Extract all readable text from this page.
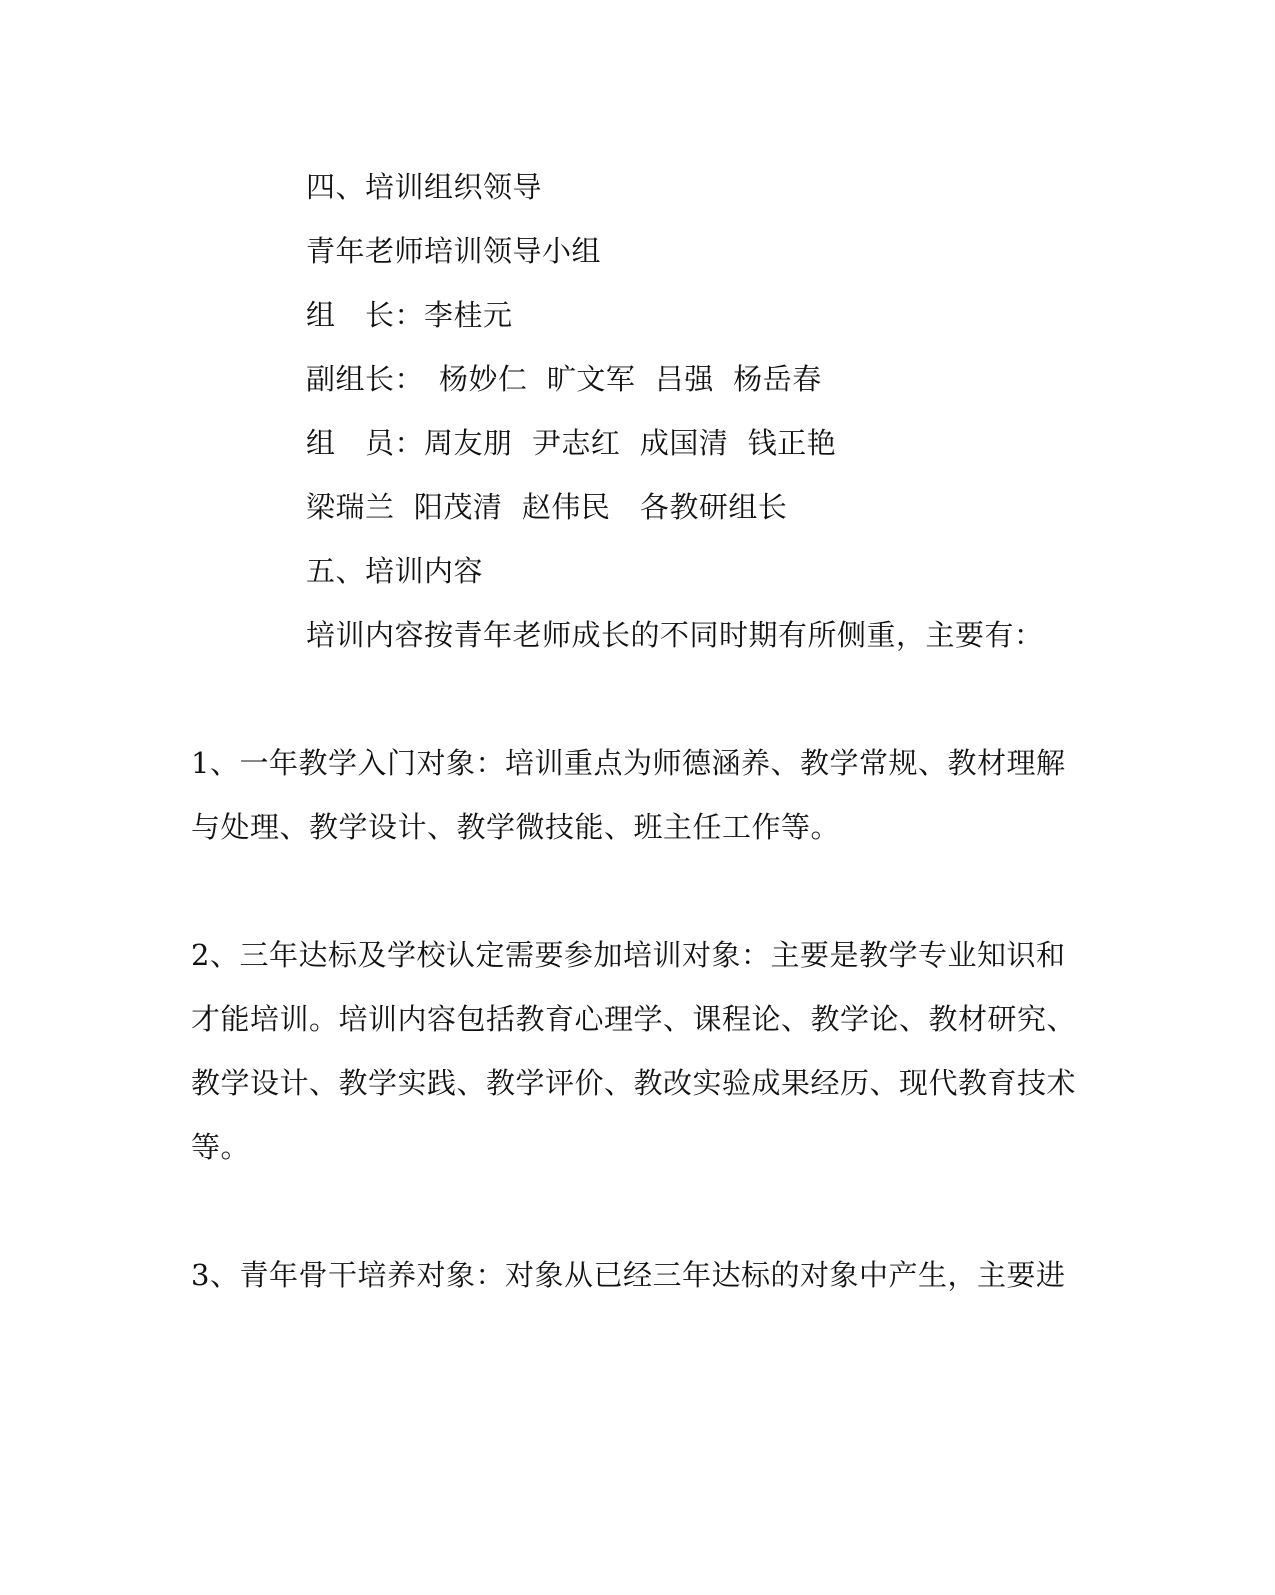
四、培训组织领导
青年老师培训领导小组
组　长：李桂元
副组长：　杨妙仁  旷文军  吕强  杨岳春
组　员：周友朋  尹志红  成国清  钱正艳
梁瑞兰  阳茂清  赵伟民　各教研组长
五、培训内容
培训内容按青年老师成长的不同时期有所侧重，主要有：
1、一年教学入门对象：培训重点为师德涵养、教学常规、教材理解
与处理、教学设计、教学微技能、班主任工作等。
2、三年达标及学校认定需要参加培训对象：主要是教学专业知识和
才能培训。培训内容包括教育心理学、课程论、教学论、教材研究、
教学设计、教学实践、教学评价、教改实验成果经历、现代教育技术
等。
3、青年骨干培养对象：对象从已经三年达标的对象中产生，主要进
